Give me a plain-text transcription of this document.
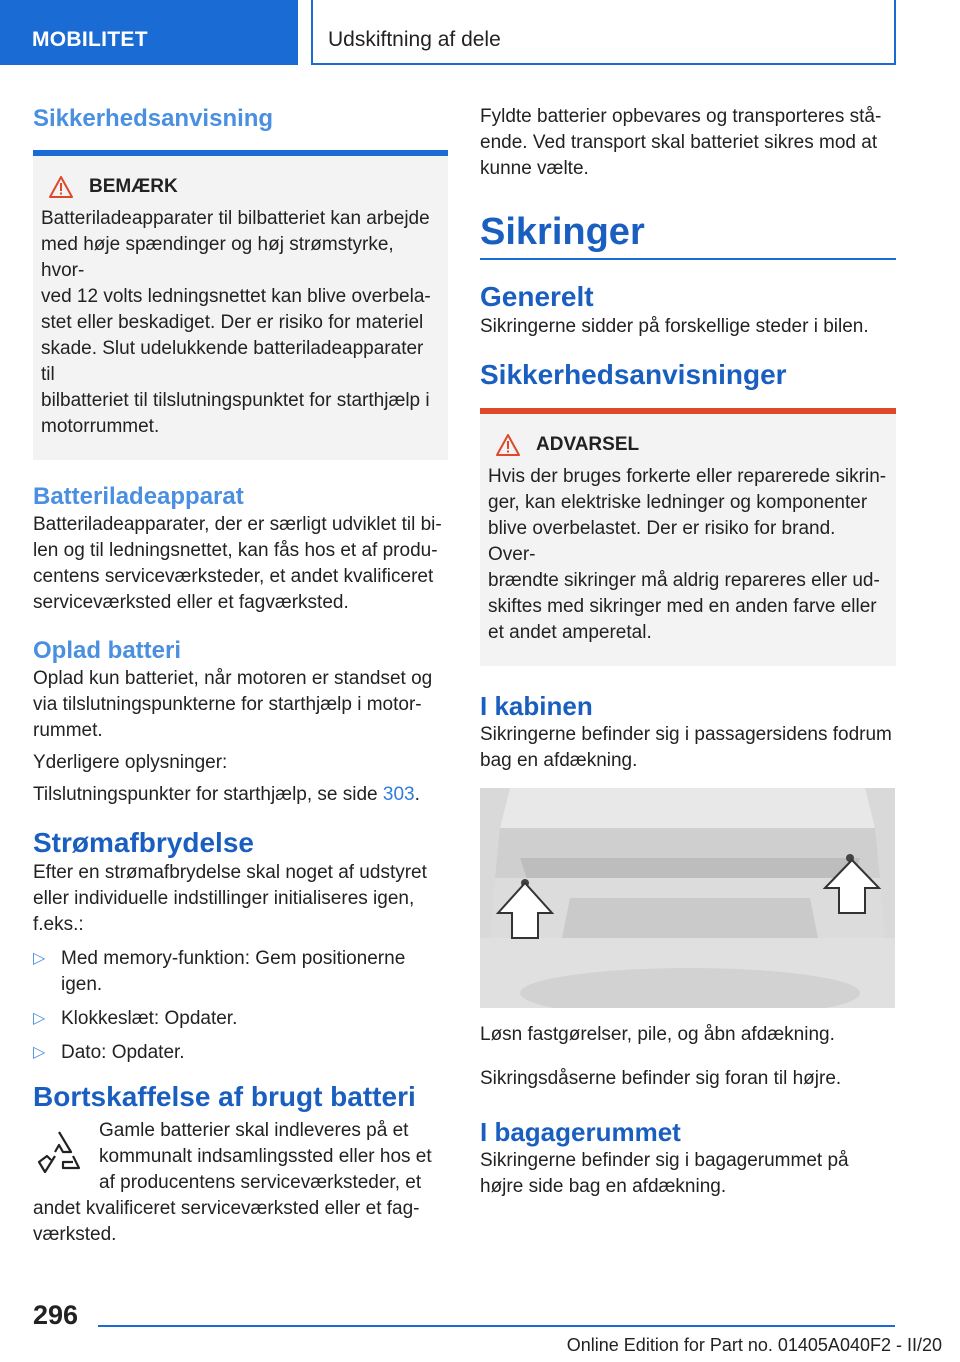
MOBILITET	Udskiftning af dele
Sikkerhedsanvisning
BEMÆRK

Batteriladeapparater til bilbatteriet kan arbejde

med høje spændinger og høj strømstyrke, hvor-

ved 12 volts ledningsnettet kan blive overbela-

stet eller beskadiget. Der er risiko for materiel

skade. Slut udelukkende batteriladeapparater til

bilbatteriet til tilslutningspunktet for starthjælp i

motorrummet.

Batteriladeapparat

Batteriladeapparater, der er særligt udviklet til bi-

len og til ledningsnettet, kan fås hos et af produ-

centens serviceværksteder, et andet kvalificeret

serviceværksted eller et fagværksted.

Oplad batteri

Oplad kun batteriet, når motoren er standset og

via tilslutningspunkterne for starthjælp i motor-

rummet.

Yderligere oplysninger:

Tilslutningspunkter for starthjælp, se side 303.

Strømafbrydelse

Efter en strømafbrydelse skal noget af udstyret

eller individuelle indstillinger initialiseres igen,

f.eks.:

▷ Med memory-funktion: Gem positionerne

igen.

▷ Klokkeslæt: Opdater.

▷ Dato: Opdater.

Bortskaffelse af brugt batteri

Gamle batterier skal indleveres på et

kommunalt indsamlingssted eller hos et

af producentens serviceværksteder, et

andet kvalificeret serviceværksted eller et fag-

værksted.

Fyldte batterier opbevares og transporteres stå-

ende. Ved transport skal batteriet sikres mod at

kunne vælte.

Sikringer
Generelt

Sikringerne sidder på forskellige steder i bilen.

Sikkerhedsanvisninger
ADVARSEL

Hvis der bruges forkerte eller reparerede sikrin-

ger, kan elektriske ledninger og komponenter

blive overbelastet. Der er risiko for brand. Over-

brændte sikringer må aldrig repareres eller ud-

skiftes med sikringer med en anden farve eller

et andet amperetal.

I kabinen

Sikringerne befinder sig i passagersidens fodrum

bag en afdækning.

Løsn fastgørelser, pile, og åbn afdækning.

Sikringsdåserne befinder sig foran til højre.

I bagagerummet

Sikringerne befinder sig i bagagerummet på

højre side bag en afdækning.

296
Online Edition for Part no. 01405A040F2 - II/20
